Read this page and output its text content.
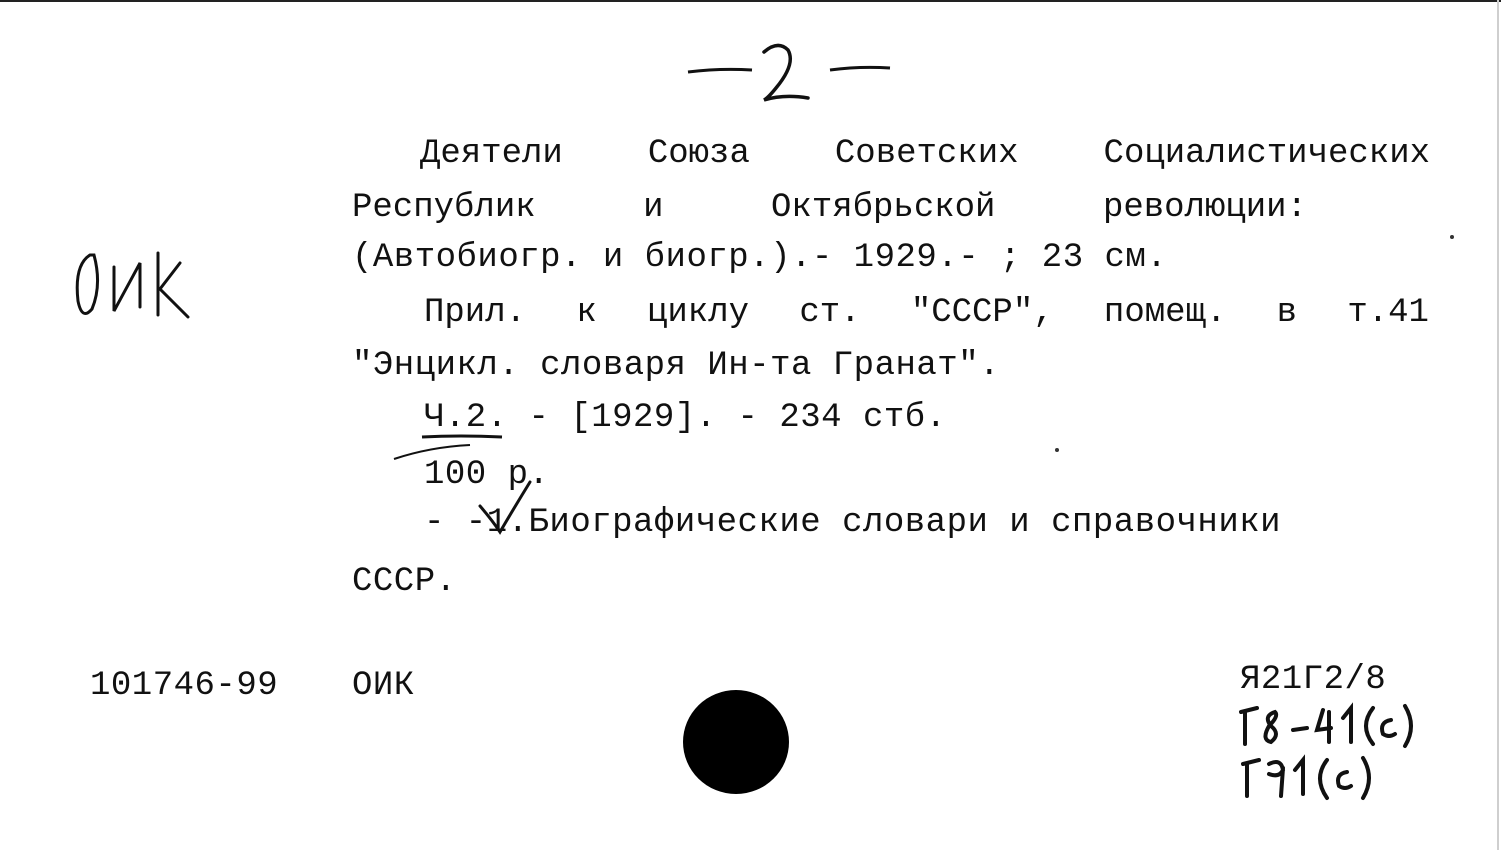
Деятели	Союза	Советских	Социалистических
Республик	и	Октябрьской	революции:
(Автобиогр. и биогр.).- 1929.- ; 23 см.
Прил. к циклу ст. "СССР", помещ. в т.41
"Энцикл. словаря Ин-та Гранат".
Ч.2. - [1929]. - 234 стб.
100 р.
- -1.Биографические словари и справочники
СССР.
101746-99 ОИК	Я21Г2/8
